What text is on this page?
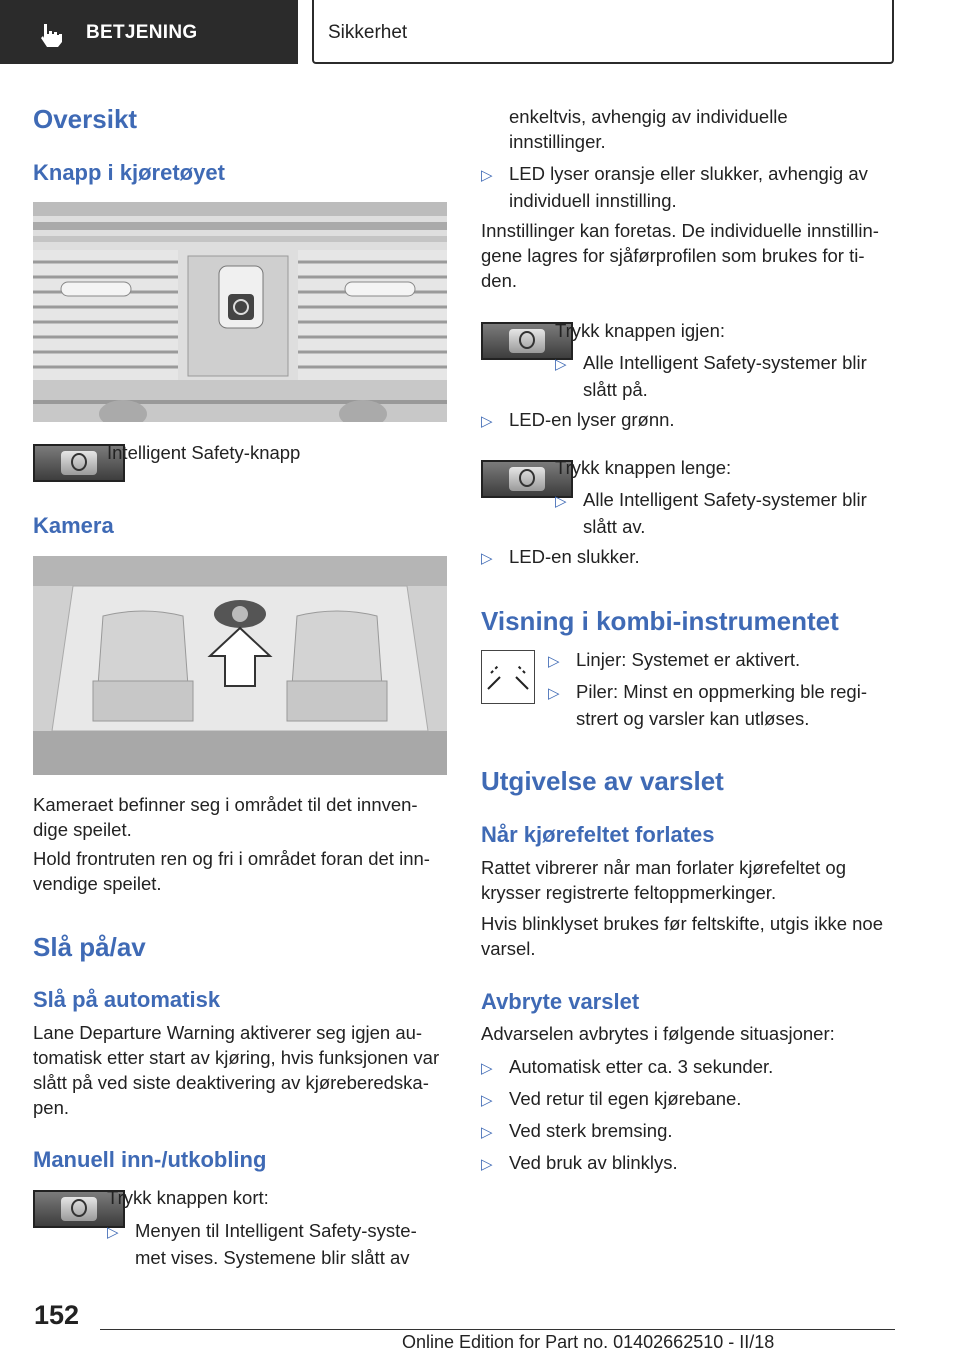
BETJENING	Sikkerhet
Oversikt
Knapp i kjøretøyet
Intelligent Safety-knapp
Kamera
Kameraet befinner seg i området til det innven-
dige speilet.
Hold frontruten ren og fri i området foran det inn-
vendige speilet.
Slå på/av
Slå på automatisk
Lane Departure Warning aktiverer seg igjen au-
tomatisk etter start av kjøring, hvis funksjonen var
slått på ved siste deaktivering av kjøreberedska-
pen.
Manuell inn-/utkobling
Trykk knappen kort:
▷ Menyen til Intelligent Safety-syste-
met vises. Systemene blir slått av
enkeltvis, avhengig av individuelle
innstillinger.
▷ LED lyser oransje eller slukker, avhengig av
individuell innstilling.
Innstillinger kan foretas. De individuelle innstillin-
gene lagres for sjåførprofilen som brukes for ti-
den.
Trykk knappen igjen:
▷ Alle Intelligent Safety-systemer blir
slått på.
▷ LED-en lyser grønn.
Trykk knappen lenge:
▷ Alle Intelligent Safety-systemer blir
slått av.
▷ LED-en slukker.
Visning i kombi-instrumentet
▷ Linjer: Systemet er aktivert.
▷ Piler: Minst en oppmerking ble regi-
strert og varsler kan utløses.
Utgivelse av varslet
Når kjørefeltet forlates
Rattet vibrerer når man forlater kjørefeltet og
krysser registrerte feltoppmerkinger.
Hvis blinklyset brukes før feltskifte, utgis ikke noe
varsel.
Avbryte varslet
Advarselen avbrytes i følgende situasjoner:
▷ Automatisk etter ca. 3 sekunder.
▷ Ved retur til egen kjørebane.
▷ Ved sterk bremsing.
▷ Ved bruk av blinklys.
152
Online Edition for Part no. 01402662510 - II/18
